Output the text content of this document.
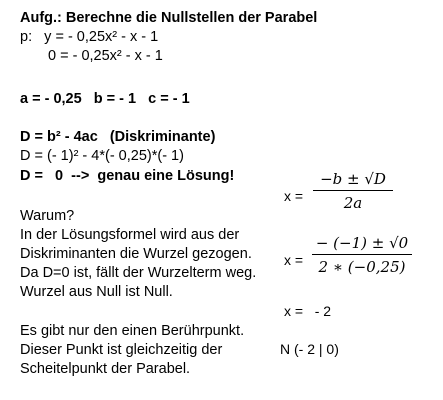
Aufg.: Berechne die Nullstellen der Parabel
p:   y = - 0,25x² - x - 1
0 = - 0,25x² - x - 1
a = - 0,25   b = - 1   c = - 1
D = b² - 4ac   (Diskriminante)
D = (- 1)² - 4*(- 0,25)*(- 1)
D =   0  -->  genau eine Lösung!
Warum?
In der Lösungsformel wird aus der
Diskriminanten die Wurzel gezogen.
Da D=0 ist, fällt der Wurzelterm weg.
Wurzel aus Null ist Null.
Es gibt nur den einen Berührpunkt.
Dieser Punkt ist gleichzeitig der
Scheitelpunkt der Parabel.
x =
−b ± √D
2a
x =
− (−1) ± √0
2 ∗ (−0,25)
x =   - 2
N (- 2 | 0)
